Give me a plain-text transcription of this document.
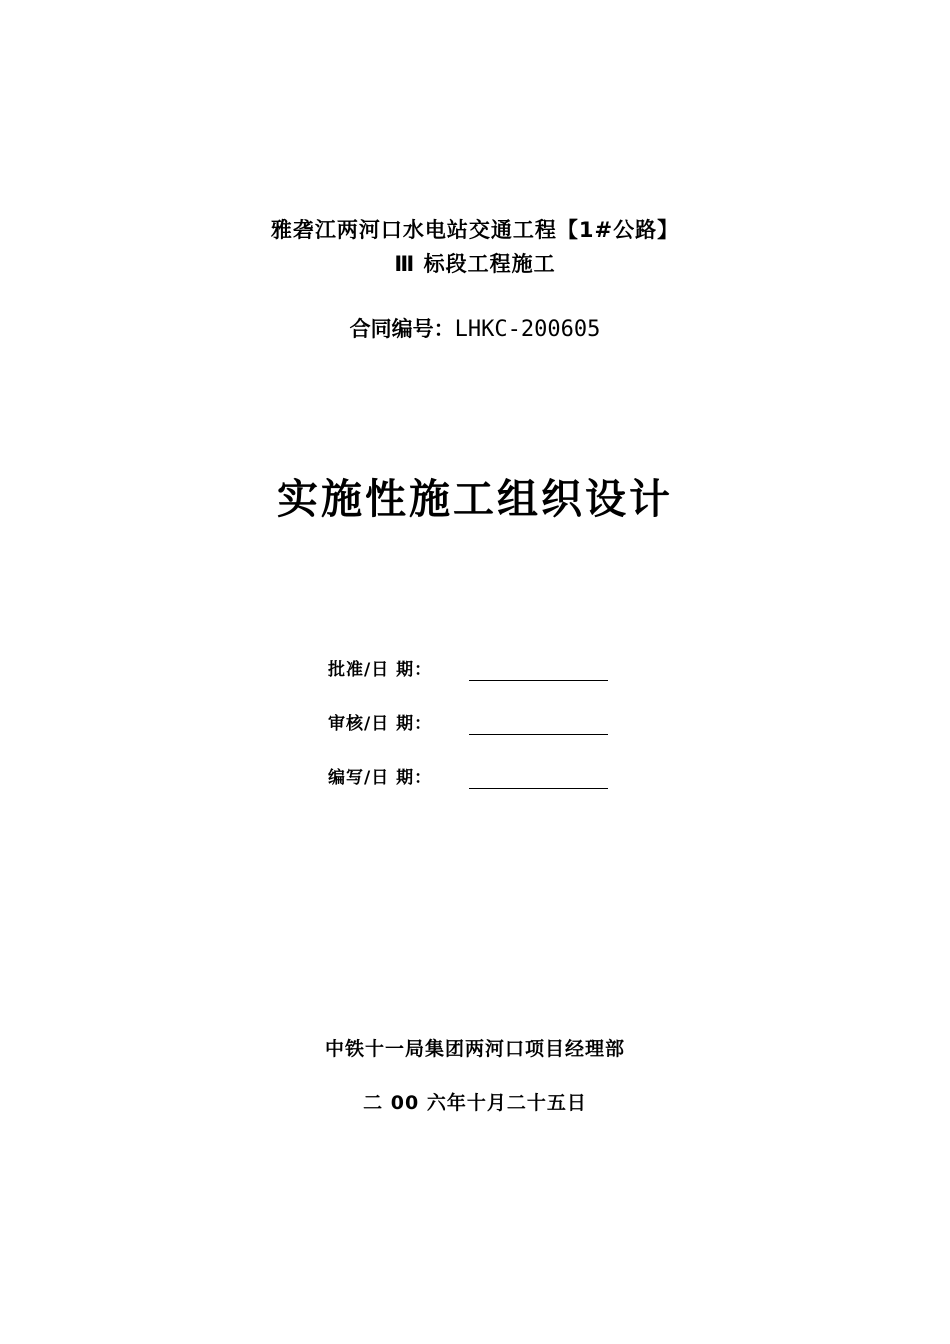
雅砻江两河口水电站交通工程【1#公路】
Ⅲ 标段工程施工
合同编号：LHKC-200605
实施性施工组织设计
批准/日 期：
审核/日 期：
编写/日 期：
中铁十一局集团两河口项目经理部
二 00 六年十月二十五日
